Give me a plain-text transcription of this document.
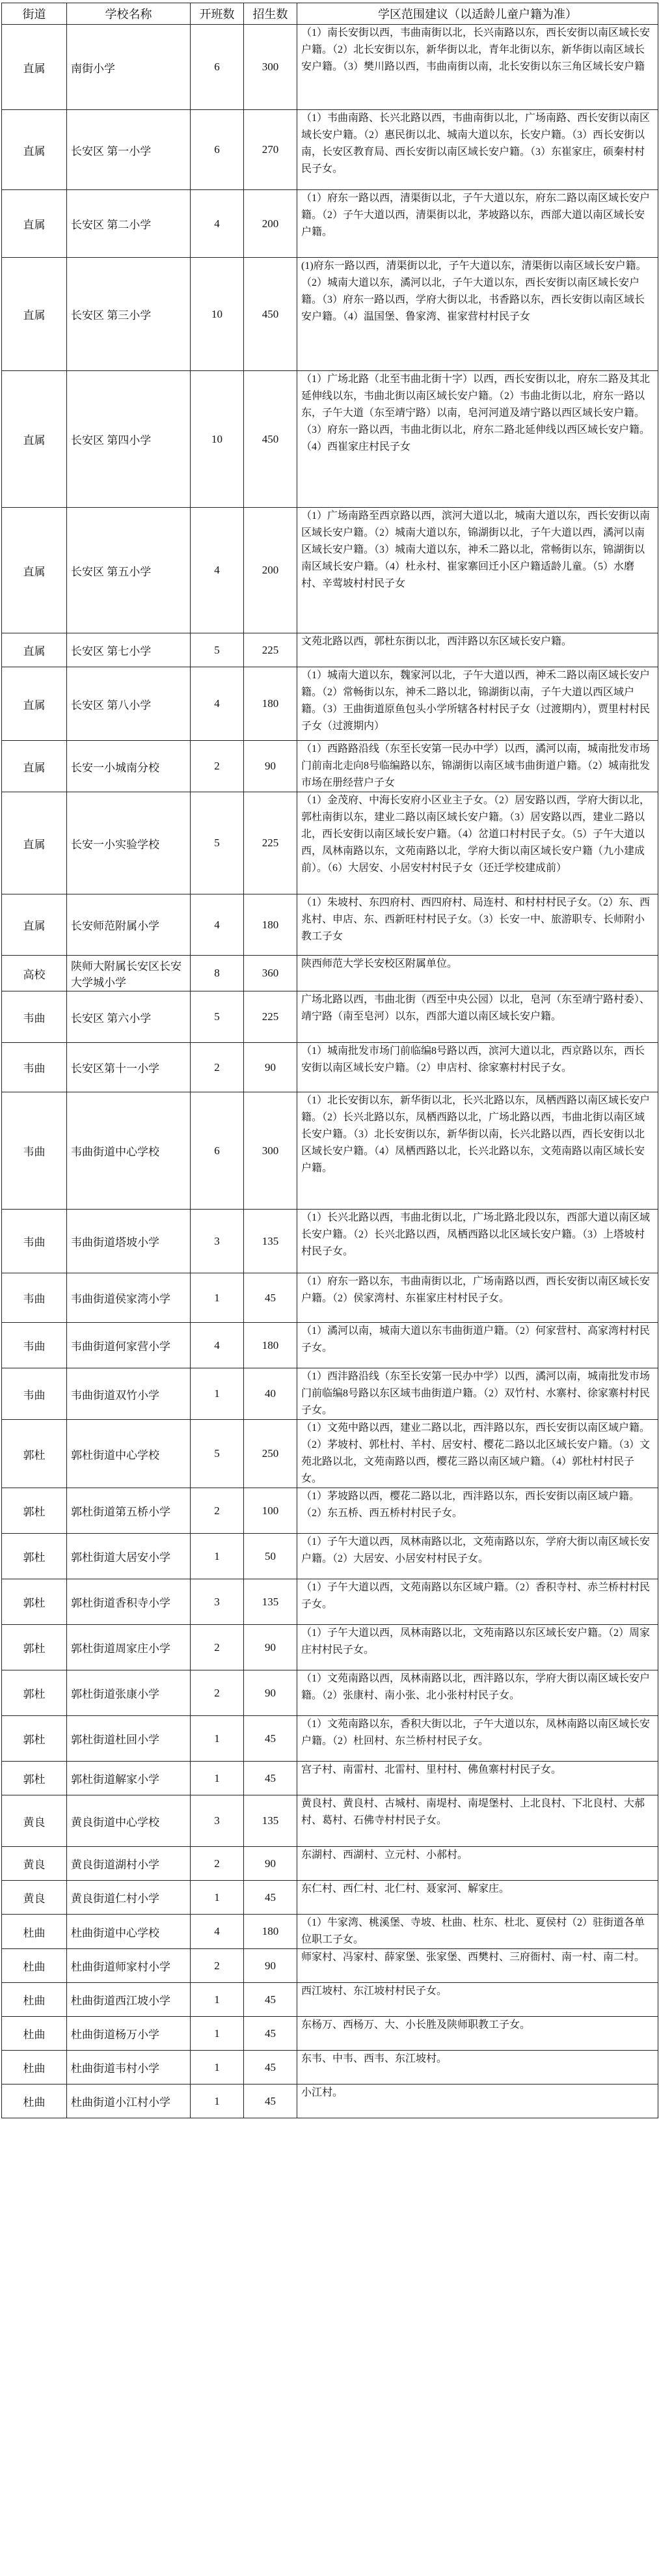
街道	学校名称	开班数	招生数	学区范围建议（以适龄儿童户籍为准）
直属	南街小学	6	300	（1）南长安街以西，韦曲南街以北，长兴南路以东，西长安街以南区域长安户籍。（2）北长安街以东，新华街以北，青年北街以东，新华街以南区域长安户籍。（3）樊川路以西，韦曲南街以南，北长安街以东三角区域长安户籍
直属	长安区 第一小学	6	270	（1）韦曲南路、长兴北路以西，韦曲南街以北，广场南路、西长安街以南区域长安户籍。（2）惠民街以北、城南大道以东，长安户籍。（3）西长安街以南，长安区教育局、西长安街以南区域长安户籍。（3）东崔家庄，硕秦村村民子女。
直属	长安区 第二小学	4	200	（1）府东一路以西，清渠街以北，子午大道以东，府东二路以南区域长安户籍。（2）子午大道以西，清渠街以北，茅坡路以东，西部大道以南区域长安户籍。
直属	长安区 第三小学	10	450	(1)府东一路以西，清渠街以北，子午大道以东，清渠街以南区域长安户籍。（2）城南大道以东，潏河以北，子午大道以东，西长安街以南区域长安户籍。（3）府东一路以西，学府大街以北，书香路以东，西长安街以南区域长安户籍。（4）温国堡、鲁家湾、崔家营村村民子女
直属	长安区 第四小学	10	450	（1）广场北路（北至韦曲北街十字）以西，西长安街以北，府东二路及其北延伸线以东，韦曲北街以南区域长安户籍。（2）韦曲北街以北，府东一路以东，子午大道（东至靖宁路）以南，皂河河道及靖宁路以西区域长安户籍。（3）府东一路以西，韦曲北街以北，府东二路北延伸线以西区域长安户籍。（4）西崔家庄村民子女
直属	长安区 第五小学	4	200	（1）广场南路至西京路以西，滨河大道以北，城南大道以东，西长安街以南区域长安户籍。（2）城南大道以东，锦湖街以北，子午大道以西，潏河以南区域长安户籍。（3）城南大道以东，神禾二路以北，常畅街以东，锦湖街以南区域长安户籍。（4）杜永村、崔家寨回迁小区户籍适龄儿童。（5）水磨村、辛莺坡村村民子女
直属	长安区 第七小学	5	225	文苑北路以西，郭杜东街以北，西沣路以东区域长安户籍。
直属	长安区 第八小学	4	180	（1）城南大道以东，魏家河以北，子午大道以西，神禾二路以南区域长安户籍。（2）常畅街以东，神禾二路以北，锦湖街以南，子午大道以西区域户籍。（3）王曲街道原鱼包头小学所辖各村村民子女（过渡期内），贾里村村民子女（过渡期内）
直属	长安一小城南分校	2	90	（1）西路路沿线（东至长安第一民办中学）以西，潏河以南，城南批发市场门前南北走向8号临编路以东，锦湖街以南区域韦曲街道户籍。（2）城南批发市场在册经营户子女
直属	长安一小实验学校	5	225	（1）金茂府、中海长安府小区业主子女。（2）居安路以西，学府大街以北，郭杜南街以东，建业二路以南区域长安户籍。（3）居安路以西，建业二路以北，西长安街以南区域长安户籍。（4）岔道口村村民子女。（5）子午大道以西，凤林南路以东，文苑南路以北，学府大街以南区域长安户籍（九小建成前）。（6）大居安、小居安村村民子女（还迁学校建成前）
直属	长安师范附属小学	4	180	（1）朱坡村、东四府村、西四府村、局连村、和村村村民子女。（2）东、西兆村、申店、东、西新旺村村民子女。（3）长安一中、旅游职专、长师附小教工子女
高校	陕师大附属长安区长安大学城小学	8	360	陕西师范大学长安校区附属单位。
韦曲	长安区 第六小学	5	225	广场北路以西，韦曲北街（西至中央公园）以北，皂河（东至靖宁路村委）、靖宁路（南至皂河）以东，西部大道以南区域长安户籍。
韦曲	长安区第十一小学	2	90	（1）城南批发市场门前临编8号路以西，滨河大道以北，西京路以东，西长安街以南区域长安户籍。（2）申店村、徐家寨村村民子女。
韦曲	韦曲街道中心学校	6	300	（1）北长安街以东，新华街以北，长兴北路以东，凤栖西路以南区域长安户籍。（2）长兴北路以东，凤栖西路以北，广场北路以西，韦曲北街以南区域长安户籍。（3）北长安街以东，新华街以南，长兴北路以西，西长安街以北区域长安户籍。（4）凤栖西路以北，长兴北路以东，文苑南路以南区域长安户籍。
韦曲	韦曲街道塔坡小学	3	135	（1）长兴北路以西，韦曲北街以北，广场北路北段以东，西部大道以南区域长安户籍。（2）长兴北路以西，凤栖西路以北区域长安户籍。（3）上塔坡村村民子女。
韦曲	韦曲街道侯家湾小学	1	45	（1）府东一路以东，韦曲南街以北，广场南路以西，西长安街以南区域长安户籍。（2）侯家湾村、东崔家庄村村民子女。
韦曲	韦曲街道何家营小学	4	180	（1）潏河以南，城南大道以东韦曲街道户籍。（2）何家营村、高家湾村村民子女。
韦曲	韦曲街道双竹小学	1	40	（1）西沣路沿线（东至长安第一民办中学）以西，潏河以南，城南批发市场门前临编8号路以东区域韦曲街道户籍。（2）双竹村、水寨村、徐家寨村村民子女。
郭杜	郭杜街道中心学校	5	250	（1）文苑中路以西，建业二路以北，西沣路以东，西长安街以南区域户籍。（2）茅坡村、郭杜村、羊村、居安村、樱花二路以北区域长安户籍。（3）文苑北路以北，文苑南路以西，樱花三路以南区域户籍。（4）郭杜村村民子女。
郭杜	郭杜街道第五桥小学	2	100	（1）茅坡路以西，樱花二路以北，西沣路以东，西长安街以南区域户籍。（2）东五桥、西五桥村村民子女。
郭杜	郭杜街道大居安小学	1	50	（1）子午大道以西，凤林南路以北，文苑南路以东，学府大街以南区域长安户籍。（2）大居安、小居安村村民子女。
郭杜	郭杜街道香积寺小学	3	135	（1）子午大道以西，文苑南路以东区域户籍。（2）香积寺村、赤兰桥村村民子女。
郭杜	郭杜街道周家庄小学	2	90	（1）子午大道以西，凤林南路以北，文苑南路以东区域长安户籍。（2）周家庄村村民子女。
郭杜	郭杜街道张康小学	2	90	（1）文苑南路以西，凤林南路以北，西沣路以东，学府大街以南区域长安户籍。（2）张康村、南小张、北小张村村民子女。
郭杜	郭杜街道杜回小学	1	45	（1）文苑南路以东，香积大街以北，子午大道以东，凤林南路以南区域长安户籍。（2）杜回村、东兰桥村村民子女。
郭杜	郭杜街道解家小学	1	45	宫子村、南雷村、北雷村、里村村、佛鱼寨村村民子女。
黄良	黄良街道中心学校	3	135	黄良村、黄良村、古城村、南堤村、南堤堡村、上北良村、下北良村、大郝村、葛村、石佛寺村村民子女。
黄良	黄良街道湖村小学	2	90	东湖村、西湖村、立元村、小郝村。
黄良	黄良街道仁村小学	1	45	东仁村、西仁村、北仁村、聂家河、解家庄。
杜曲	杜曲街道中心学校	4	180	（1）牛家湾、桃溪堡、寺坡、杜曲、杜东、杜北、夏侯村（2）驻街道各单位职工子女。
杜曲	杜曲街道师家村小学	2	90	师家村、冯家村、薛家堡、张家堡、西樊村、三府衙村、南一村、南二村。
杜曲	杜曲街道西江坡小学	1	45	西江坡村、东江坡村村民子女。
杜曲	杜曲街道杨万小学	1	45	东杨万、西杨万、大、小长胜及陕师职教工子女。
杜曲	杜曲街道韦村小学	1	45	东韦、中韦、西韦、东江坡村。
杜曲	杜曲街道小江村小学	1	45	小江村。
